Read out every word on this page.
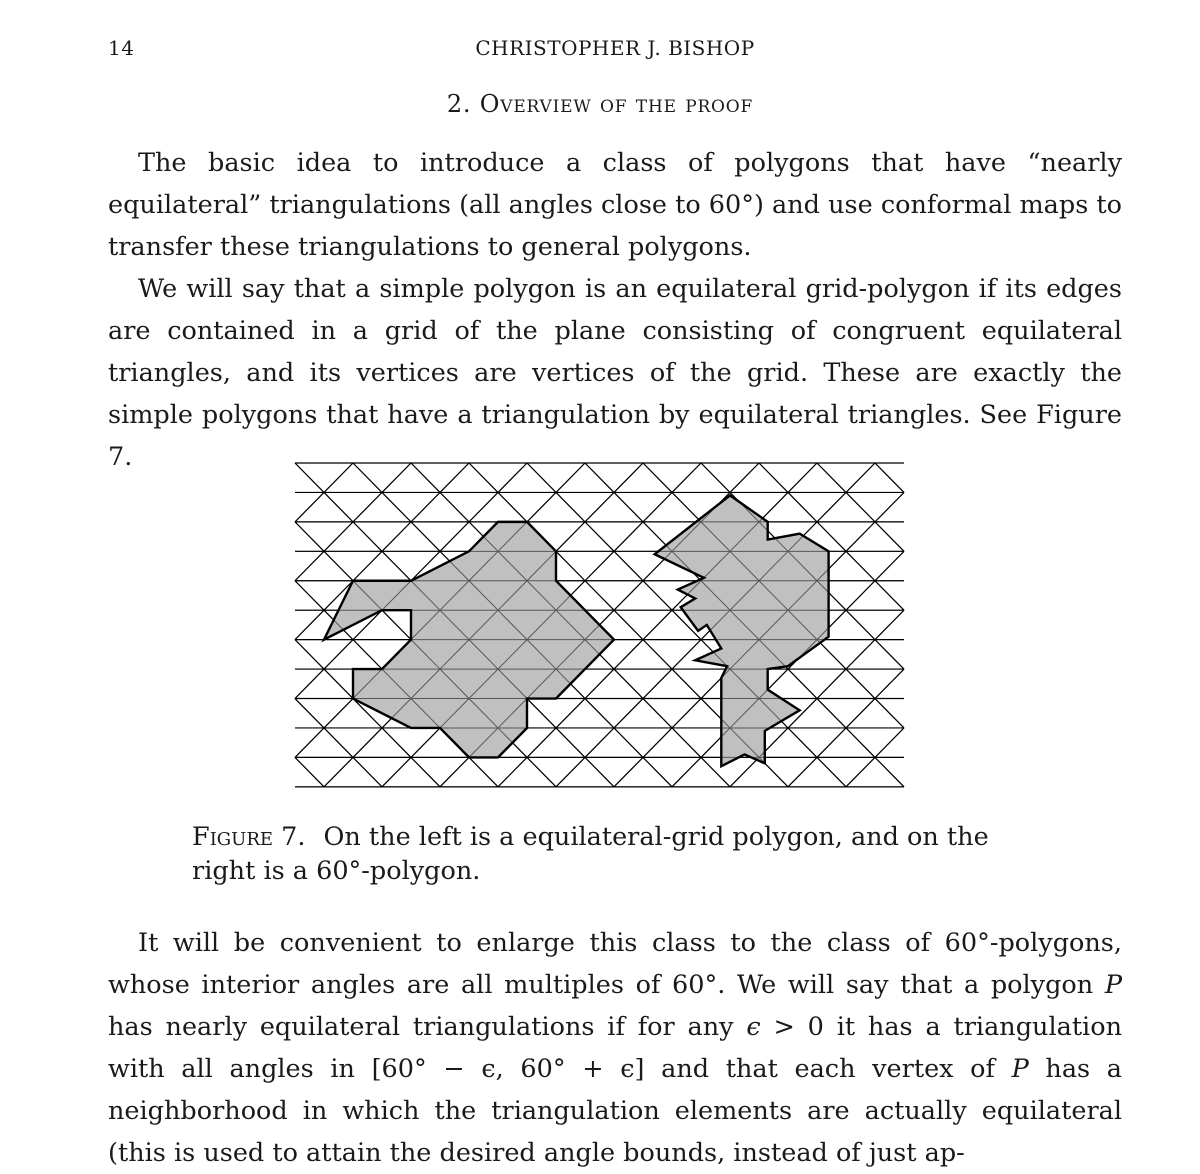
14	CHRISTOPHER J. BISHOP
2. Overview of the proof

The basic idea to introduce a class of polygons that have “nearly equilateral” triangulations (all angles close to 60°) and use conformal maps to transfer these triangulations to general polygons.

We will say that a simple polygon is an equilateral grid-polygon if its edges are contained in a grid of the plane consisting of congruent equilateral triangles, and its vertices are vertices of the grid. These are exactly the simple polygons that have a triangulation by equilateral triangles. See Figure 7.

Figure 7. On the left is a equilateral-grid polygon, and on the right is a 60°-polygon.

It will be convenient to enlarge this class to the class of 60°-polygons, whose interior angles are all multiples of 60°. We will say that a polygon P has nearly equilateral triangulations if for any ϵ > 0 it has a triangulation with all angles in [60° − ϵ, 60° + ϵ] and that each vertex of P has a neighborhood in which the triangulation elements are actually equilateral (this is used to attain the desired angle bounds, instead of just ap-
